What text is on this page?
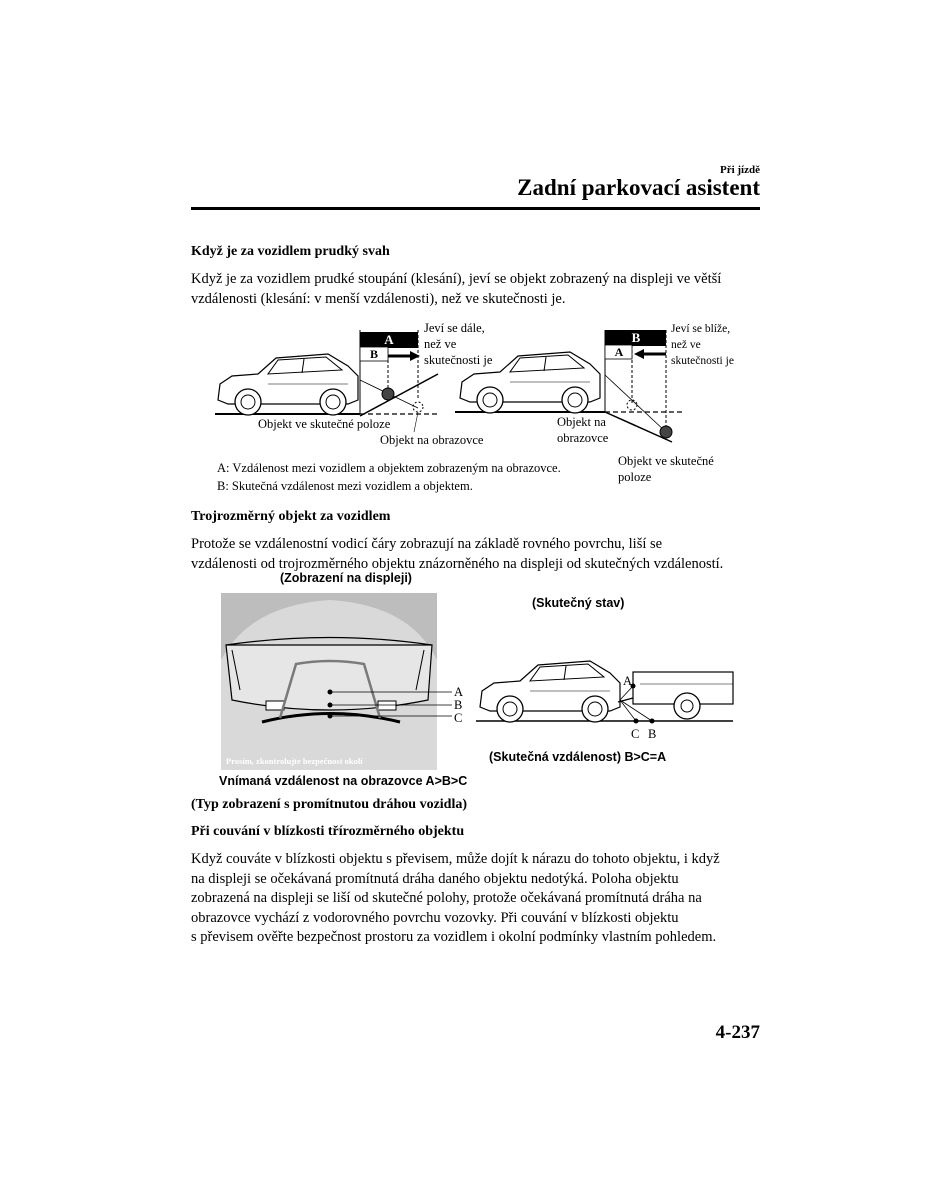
Při jízdě
Zadní parkovací asistent
Když je za vozidlem prudký svah
Když je za vozidlem prudké stoupání (klesání), jeví se objekt zobrazený na displeji ve větší
vzdálenosti (klesání: v menší vzdálenosti), než ve skutečnosti je.
A
B
Jeví se dále,
než ve
skutečnosti je
Objekt ve skutečné poloze
Objekt na obrazovce
B
A
Jeví se blíže,
než ve
skutečnosti je
Objekt na
obrazovce
Objekt ve skutečné
poloze
A: Vzdálenost mezi vozidlem a objektem zobrazeným na obrazovce.
B: Skutečná vzdálenost mezi vozidlem a objektem.
Trojrozměrný objekt za vozidlem
Protože se vzdálenostní vodicí čáry zobrazují na základě rovného povrchu, liší se
vzdálenosti od trojrozměrného objektu znázorněného na displeji od skutečných vzdáleností.
(Zobrazení na displeji)
A
B
C
Prosím, zkontrolujte bezpečnost okolí
Vnímaná vzdálenost na obrazovce A>B>C
(Skutečný stav)
A
C B
(Skutečná vzdálenost) B>C=A
(Typ zobrazení s promítnutou dráhou vozidla)
Při couvání v blízkosti třírozměrného objektu
Když couváte v blízkosti objektu s převisem, může dojít k nárazu do tohoto objektu, i když
na displeji se očekávaná promítnutá dráha daného objektu nedotýká. Poloha objektu
zobrazená na displeji se liší od skutečné polohy, protože očekávaná promítnutá dráha na
obrazovce vychází z vodorovného povrchu vozovky. Při couvání v blízkosti objektu
s převisem ověřte bezpečnost prostoru za vozidlem i okolní podmínky vlastním pohledem.
4-237
